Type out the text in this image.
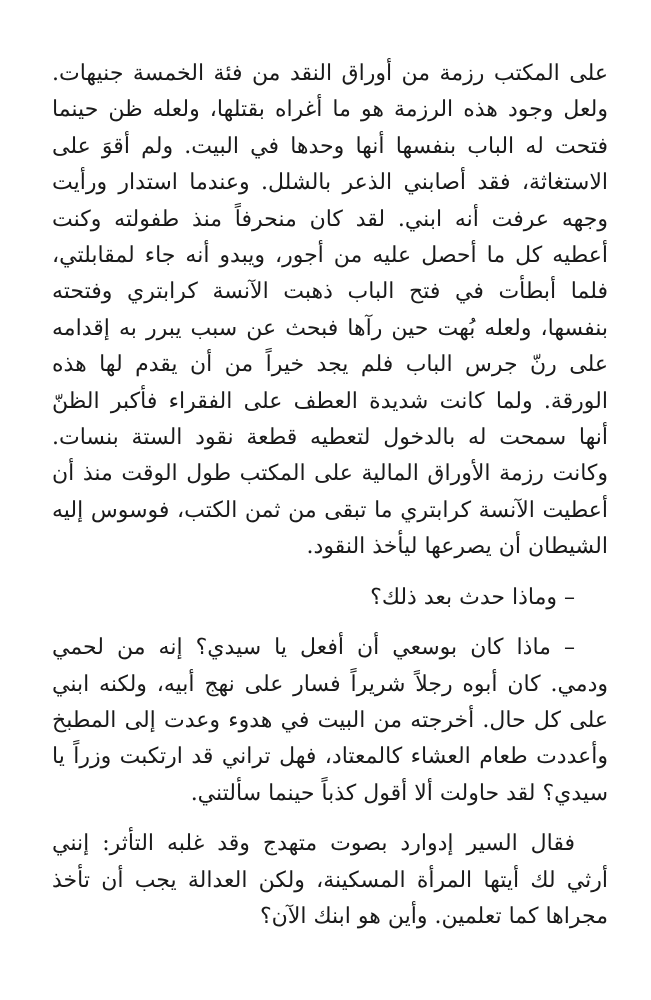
على المكتب رزمة من أوراق النقد من فئة الخمسة جنيهات. ولعل وجود هذه الرزمة هو ما أغراه بقتلها، ولعله ظن حينما فتحت له الباب بنفسها أنها وحدها في البيت. ولم أقوَ على الاستغاثة، فقد أصابني الذعر بالشلل. وعندما استدار ورأيت وجهه عرفت أنه ابني. لقد كان منحرفاً منذ طفولته وكنت أعطيه كل ما أحصل عليه من أجور، ويبدو أنه جاء لمقابلتي، فلما أبطأت في فتح الباب ذهبت الآنسة كرابتري وفتحته بنفسها، ولعله بُهت حين رآها فبحث عن سبب يبرر به إقدامه على رنّ جرس الباب فلم يجد خيراً من أن يقدم لها هذه الورقة. ولما كانت شديدة العطف على الفقراء فأكبر الظنّ أنها سمحت له بالدخول لتعطيه قطعة نقود الستة بنسات. وكانت رزمة الأوراق المالية على المكتب طول الوقت منذ أن أعطيت الآنسة كرابتري ما تبقى من ثمن الكتب، فوسوس إليه الشيطان أن يصرعها ليأخذ النقود.

– وماذا حدث بعد ذلك؟

– ماذا كان بوسعي أن أفعل يا سيدي؟ إنه من لحمي ودمي. كان أبوه رجلاً شريراً فسار على نهج أبيه، ولكنه ابني على كل حال. أخرجته من البيت في هدوء وعدت إلى المطبخ وأعددت طعام العشاء كالمعتاد، فهل تراني قد ارتكبت وزراً يا سيدي؟ لقد حاولت ألا أقول كذباً حينما سألتني.

فقال السير إدوارد بصوت متهدج وقد غلبه التأثر: إنني أرثي لك أيتها المرأة المسكينة، ولكن العدالة يجب أن تأخذ مجراها كما تعلمين. وأين هو ابنك الآن؟
